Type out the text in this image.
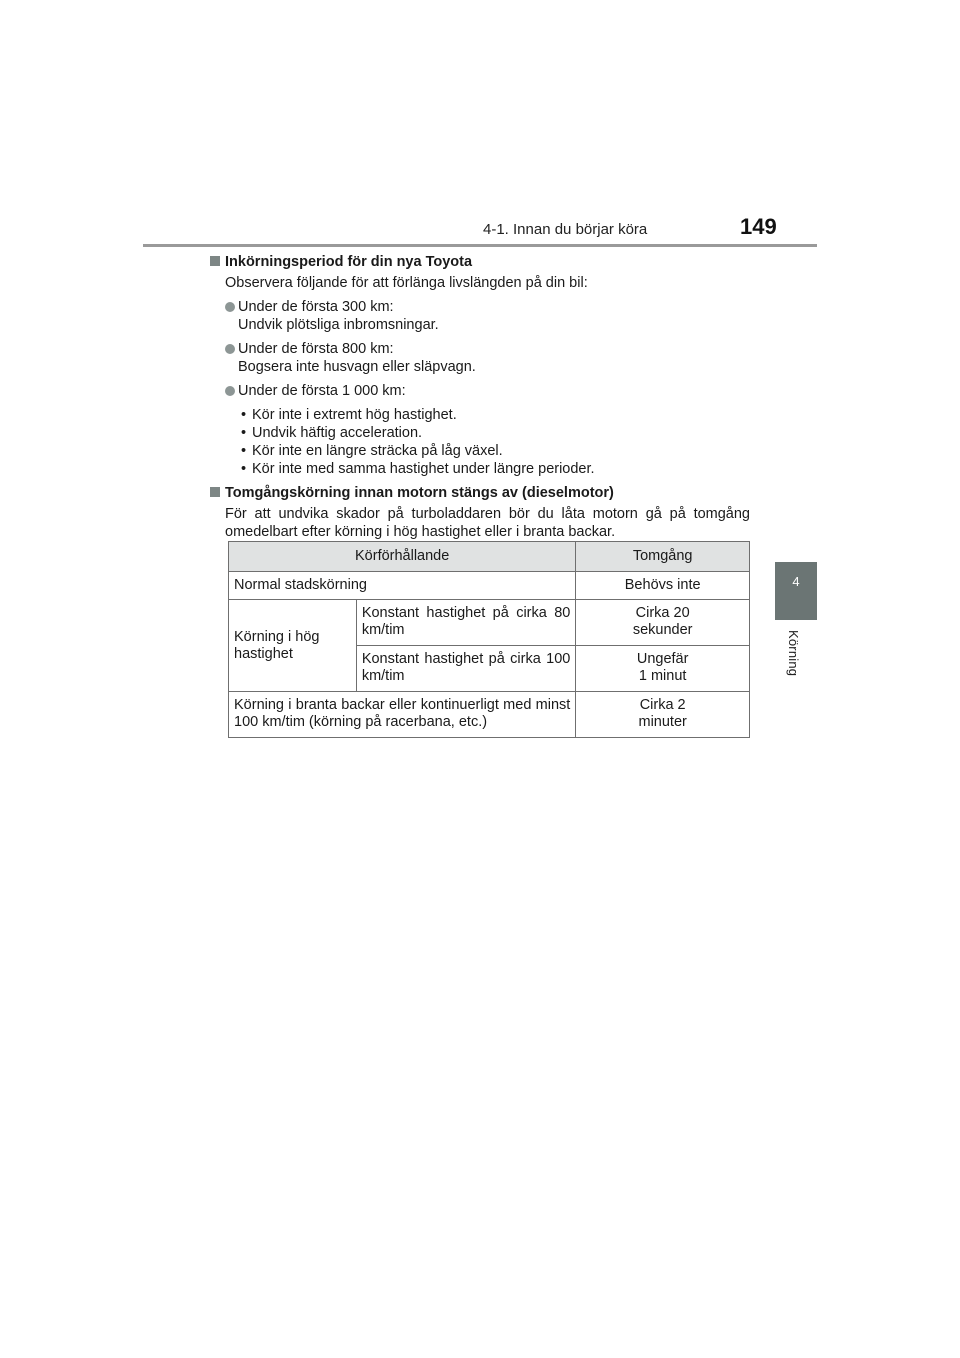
4-1. Innan du börjar köra	149
4
Körning
Inkörningsperiod för din nya Toyota
Observera följande för att förlänga livslängden på din bil:
Under de första 300 km:
Undvik plötsliga inbromsningar.
Under de första 800 km:
Bogsera inte husvagn eller släpvagn.
Under de första 1 000 km:
• Kör inte i extremt hög hastighet.
• Undvik häftig acceleration.
• Kör inte en längre sträcka på låg växel.
• Kör inte med samma hastighet under längre perioder.
Tomgångskörning innan motorn stängs av (dieselmotor)
För att undvika skador på turboladdaren bör du låta motorn gå på tomgång omedelbart efter körning i hög hastighet eller i branta backar.
Körförhållande		Tomgång
Normal stadskörning		Behövs inte
Körning i hög hastighet	Konstant hastighet på cirka 80 km/tim	Cirka 20
sekunder

	Konstant hastighet på cirka 100 km/tim	Ungefär
1 minut

Körning i branta backar eller kontinuerligt med minst 100 km/tim (körning på racerbana, etc.)		Cirka 2
minuter
